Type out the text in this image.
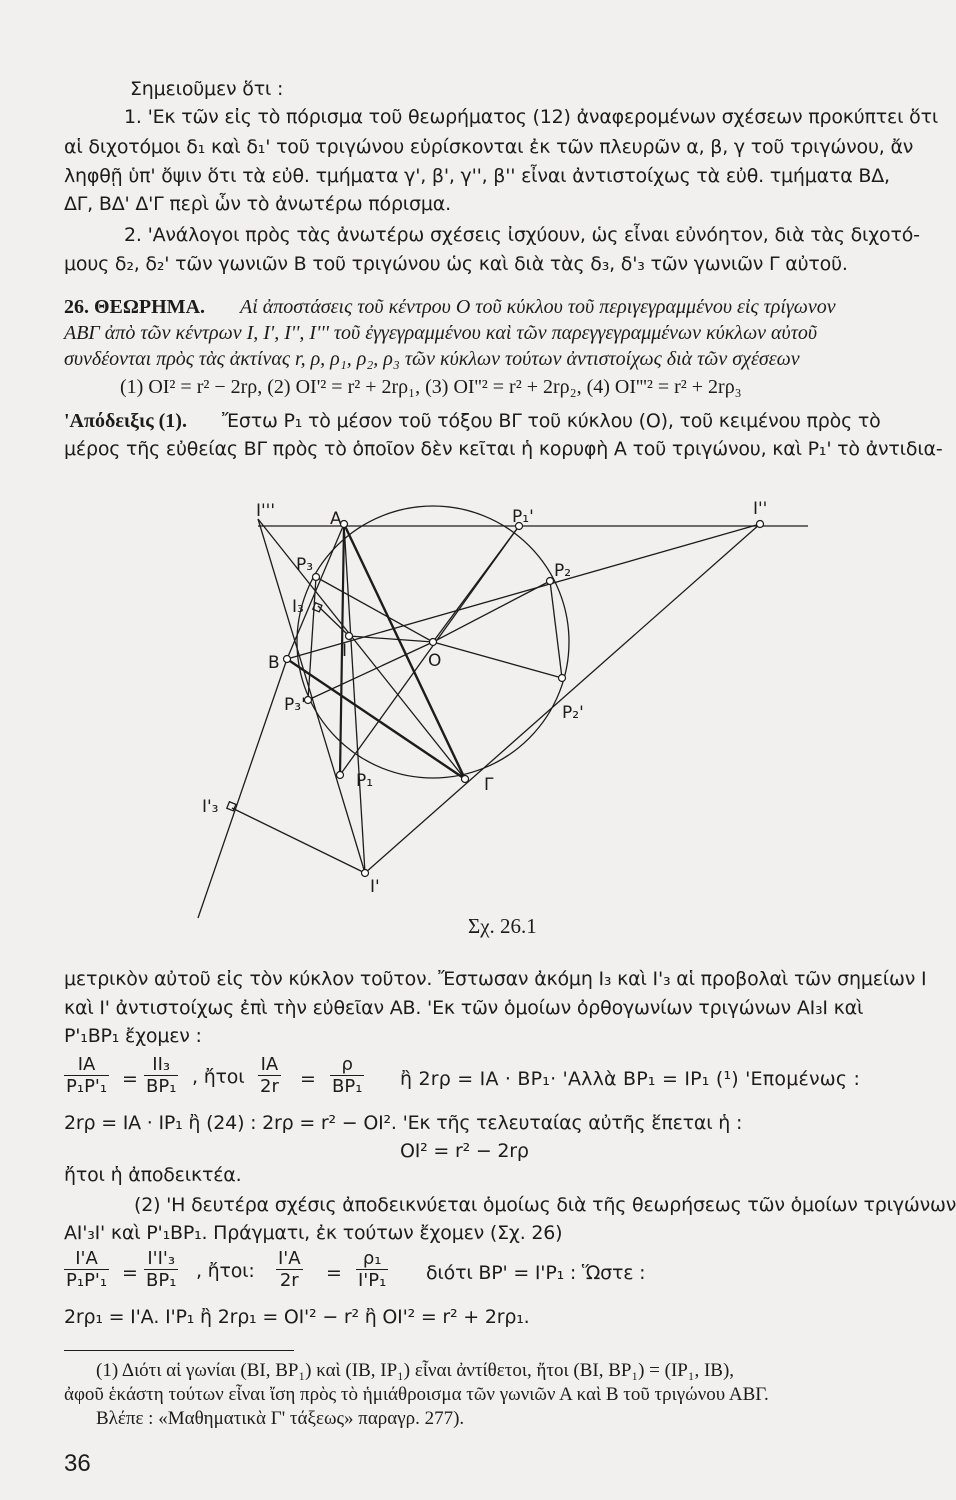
Σημειοῦμεν ὅτι :
1. 'Εκ τῶν εἰς τὸ πόρισμα τοῦ θεωρήματος (12) ἀναφερομένων σχέσεων προκύπτει ὅτι
αἱ διχοτόμοι δ₁ καὶ δ₁' τοῦ τριγώνου εὑρίσκονται ἐκ τῶν πλευρῶν α, β, γ τοῦ τριγώνου, ἄν
ληφθῇ ὑπ' ὄψιν ὅτι τὰ εὐθ. τμήματα γ', β', γ'', β'' εἶναι ἀντιστοίχως τὰ εὐθ. τμήματα ΒΔ,
ΔΓ, ΒΔ' Δ'Γ περὶ ὧν τὸ ἀνωτέρω πόρισμα.
2. 'Ανάλογοι πρὸς τὰς ἀνωτέρω σχέσεις ἰσχύουν, ὡς εἶναι εὐνόητον, διὰ τὰς διχοτό-
μους δ₂, δ₂' τῶν γωνιῶν Β τοῦ τριγώνου ὡς καὶ διὰ τὰς δ₃, δ'₃ τῶν γωνιῶν Γ αὐτοῦ.
26. ΘΕΩΡΗΜΑ. Αἱ ἀποστάσεις τοῦ κέντρου Ο τοῦ κύκλου τοῦ περιγεγραμμένου εἰς τρίγωνον
ΑΒΓ ἀπὸ τῶν κέντρων Ι, Ι', Ι'', Ι''' τοῦ ἐγγεγραμμένου καὶ τῶν παρεγγεγραμμένων κύκλων αὐτοῦ
συνδέονται πρὸς τὰς ἀκτίνας r, ρ, ρ₁, ρ₂, ρ₃ τῶν κύκλων τούτων ἀντιστοίχως διὰ τῶν σχέσεων
(1) ΟΙ² = r² − 2rρ, (2) ΟΙ'² = r² + 2rρ₁, (3) ΟΙ''² = r² + 2rρ₂, (4) ΟΙ'''² = r² + 2rρ₃
'Απόδειξις (1). Ἔστω P₁ τὸ μέσον τοῦ τόξου ΒΓ τοῦ κύκλου (Ο), τοῦ κειμένου πρὸς τὸ
μέρος τῆς εὐθείας ΒΓ πρὸς τὸ ὁποῖον δὲν κεῖται ἡ κορυφὴ Α τοῦ τριγώνου, καὶ P₁' τὸ ἀντιδια-
Ι'''	Α	P₁'	Ι''
P₃	P₂
Ι₃
Β
Ι	Ο
P₃'	P₂'
P₁	Γ
Ι'₃
Ι'
Σχ. 26.1
μετρικὸν αὐτοῦ εἰς τὸν κύκλον τοῦτον. Ἔστωσαν ἀκόμη Ι₃ καὶ Ι'₃ αἱ προβολαὶ τῶν σημείων Ι
καὶ Ι' ἀντιστοίχως ἐπὶ τὴν εὐθεῖαν ΑΒ. 'Εκ τῶν ὁμοίων ὀρθογωνίων τριγώνων ΑΙ₃Ι καὶ
P'₁ΒP₁ ἔχομεν :
$\frac{IA}{\text{P₁P'₁}} = \frac{\text{ΙΙ₃}}{\text{ΒP₁}}$ , ἤτοι $\frac{IA}{2r} = \frac{\rho}{\text{ΒP₁}}$ ἢ 2rρ = ΙΑ · ΒP₁· 'Αλλὰ ΒP₁ = ΙP₁ (¹) 'Επομένως :
2rρ = ΙΑ · ΙP₁ ἢ (24) : 2rρ = r² − ΟΙ². 'Εκ τῆς τελευταίας αὐτῆς ἕπεται ἡ :
ΟΙ² = r² − 2rρ
ἤτοι ἡ ἀποδεικτέα.
(2) 'Η δευτέρα σχέσις ἀποδεικνύεται ὁμοίως διὰ τῆς θεωρήσεως τῶν ὁμοίων τριγώνων
ΑΙ'₃Ι' καὶ P'₁ΒP₁. Πράγματι, ἐκ τούτων ἔχομεν (Σχ. 26)
$\frac{I'A}{\text{P₁P'₁}} = \frac{\text{Ι'Ι'₃}}{\text{ΒP₁}}$ , ἤτοι: $\frac{I'A}{2r} = \frac{\text{ρ₁}}{\text{Ι'P₁}}$ διότι ΒP' = Ι'P₁ : Ὥστε :
2rρ₁ = Ι'Α. Ι'P₁ ἢ 2rρ₁ = ΟΙ'² − r² ἢ ΟΙ'² = r² + 2rρ₁.
(1) Διότι αἱ γωνίαι (ΒΙ, ΒP₁) καὶ (ΙΒ, ΙP₁) εἶναι ἀντίθετοι, ἤτοι (ΒΙ, ΒP₁) = (ΙP₁, ΙΒ),
ἀφοῦ ἑκάστη τούτων εἶναι ἴση πρὸς τὸ ἡμιάθροισμα τῶν γωνιῶν Α καὶ Β τοῦ τριγώνου ΑΒΓ.
Βλέπε : «Μαθηματικὰ Γ' τάξεως» παραγρ. 277).
36
